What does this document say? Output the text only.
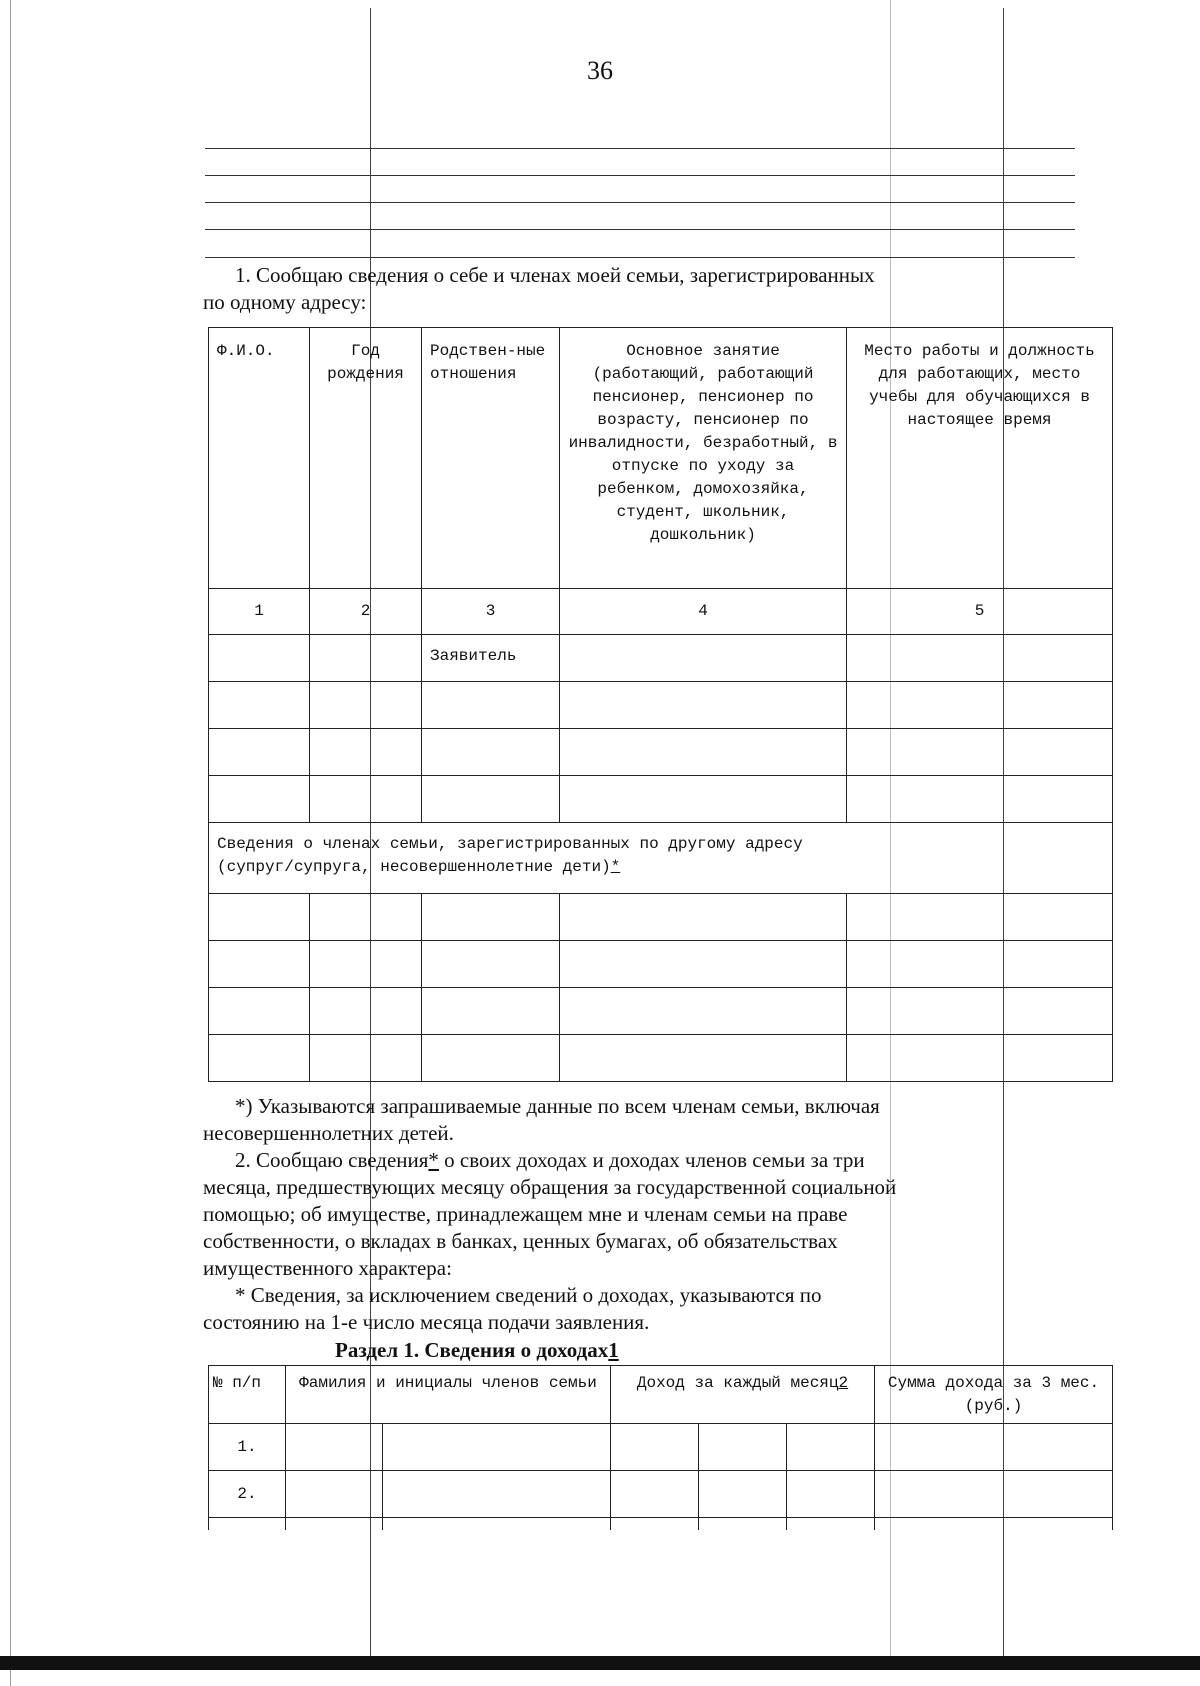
36
1. Сообщаю сведения о себе и членах моей семьи, зарегистрированных
по одному адресу:
Ф.И.О.	Год рождения	Родствен-ные отношения	Основное занятие (работающий, работающий пенсионер, пенсионер по возрасту, пенсионер по инвалидности, безработный, в отпуске по уходу за ребенком, домохозяйка, студент, школьник, дошкольник)	Место работы и должность для работающих, место учебы для обучающихся в настоящее время
1	2	3	4	5
		Заявитель		

Сведения о членах семьи, зарегистрированных по другому адресу
(супруг/супруга, несовершеннолетние дети)*				

*) Указываются запрашиваемые данные по всем членам семьи, включая
несовершеннолетних детей.
2. Сообщаю сведения* о своих доходах и доходах членов семьи за три
месяца, предшествующих месяцу обращения за государственной социальной
помощью; об имуществе, принадлежащем мне и членам семьи на праве
собственности, о вкладах в банках, ценных бумагах, об обязательствах
имущественного характера:
* Сведения, за исключением сведений о доходах, указываются по
состоянию на 1-е число месяца подачи заявления.
Раздел 1. Сведения о доходах1
№ п/п	Фамилия и инициалы членов семьи		Доход за каждый месяц2			Сумма дохода за 3 мес. (руб.)
1.						
2.						
